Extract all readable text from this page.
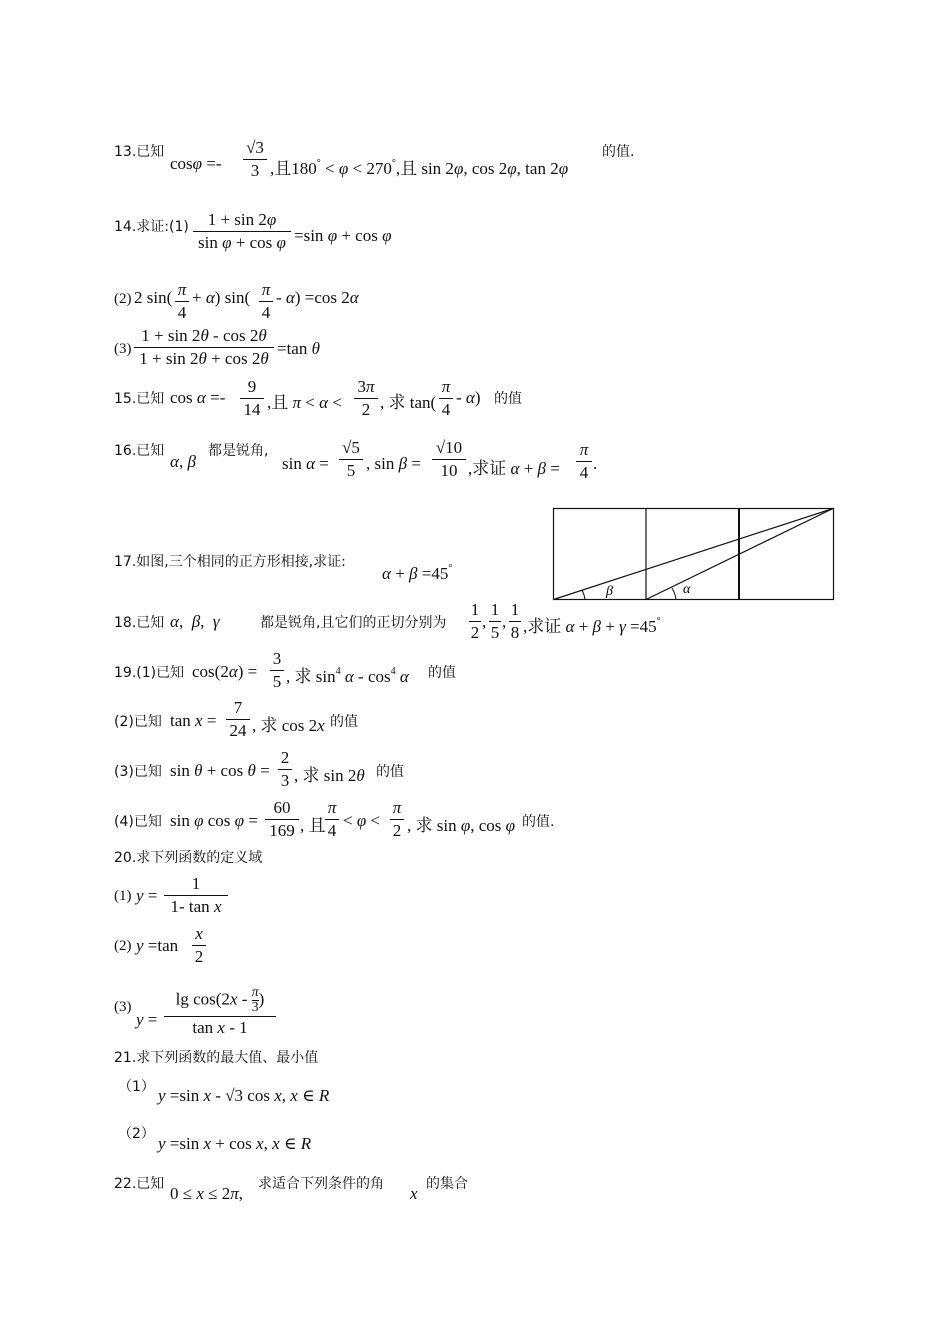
13.已知
cosφ =-
√3
3 ,且180° < φ < 270°,且 sin 2φ, cos 2φ, tan 2φ
的值.
14.求证:(1)	1 + sin 2φ
sin φ + cos φ =sin φ + cos φ
(2) 2 sin( π
4
+ α) sin( π
4
- α) =cos 2α
(3)
1 + sin 2θ - cos 2θ
1 + sin 2θ + cos 2θ
=tan θ
15.已知 cos α =-
9
14 ,且 π < α <
3π
2 , 求 tan(
π
4
- α) 的值
16.已知
α, β
都是锐角,
sin α =
√5
5 , sin β =
√10
10 ,求证 α + β =
π
4 .
17.如图,三个相同的正方形相接,求证:
α + β =45°
β	α
18.已知 α,  β,  γ	都是锐角,且它们的正切分别为
1
2
,
1
5
,
1
8 ,求证 α + β + γ =45°
19.(1)已知 cos(2α) =
3
5 , 求 $\sin^4 \alpha - \cos^4 \alpha$ 的值
(2)已知 tan x =
7
24 , 求 cos 2x 的值
(3)已知 sin θ + cos θ =
2
3 , 求 sin 2θ 的值
(4)已知 sin φ cos φ =
60
169 , 且
π
4
< φ <
π
2 , 求 sin φ, cos φ 的值.
20.求下列函数的定义域
(1) y =
1
1- tan x
(2) y =tan
x
2
(3)
y =
$\lg \cos(2x - \frac{\pi}{3}$ )
tan x - 1
21.求下列函数的最大值、最小值
（1） y =sin x - √3 cos x, x ∈ R
（2） y =sin x + cos x, x ∈ R
22.已知 0 ≤ x ≤ 2π, 求适合下列条件的角 x 的集合
